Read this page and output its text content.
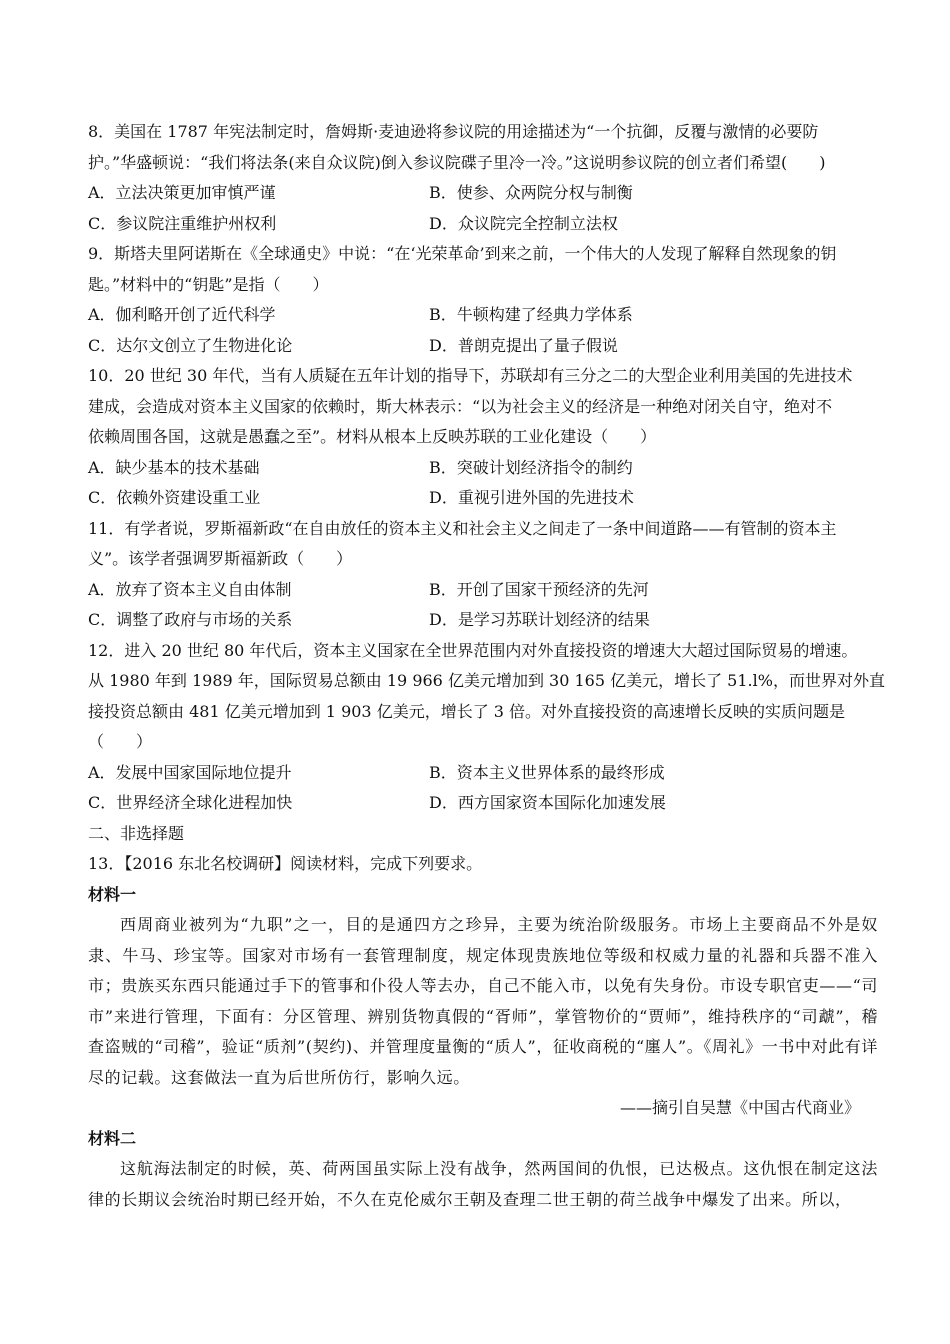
8．美国在 1787 年宪法制定时，詹姆斯·麦迪逊将参议院的用途描述为“一个抗御，反覆与激情的必要防
护。”华盛顿说：“我们将法条(来自众议院)倒入参议院碟子里冷一冷。”这说明参议院的创立者们希望(　　)
A．立法决策更加审慎严谨	B．使参、众两院分权与制衡
C．参议院注重维护州权利	D．众议院完全控制立法权
9．斯塔夫里阿诺斯在《全球通史》中说：“在‘光荣革命’到来之前，一个伟大的人发现了解释自然现象的钥
匙。”材料中的“钥匙”是指（　　）
A．伽利略开创了近代科学	B．牛顿构建了经典力学体系
C．达尔文创立了生物进化论	D．普朗克提出了量子假说
10．20 世纪 30 年代，当有人质疑在五年计划的指导下，苏联却有三分之二的大型企业利用美国的先进技术
建成，会造成对资本主义国家的依赖时，斯大林表示：“以为社会主义的经济是一种绝对闭关自守，绝对不
依赖周围各国，这就是愚蠢之至”。材料从根本上反映苏联的工业化建设（　　）
A．缺少基本的技术基础	B．突破计划经济指令的制约
C．依赖外资建设重工业	D．重视引进外国的先进技术
11．有学者说，罗斯福新政“在自由放任的资本主义和社会主义之间走了一条中间道路——有管制的资本主
义”。该学者强调罗斯福新政（　　）
A．放弃了资本主义自由体制	B．开创了国家干预经济的先河
C．调整了政府与市场的关系	D．是学习苏联计划经济的结果
12．进入 20 世纪 80 年代后，资本主义国家在全世界范围内对外直接投资的增速大大超过国际贸易的增速。
从 1980 年到 1989 年，国际贸易总额由 19 966 亿美元增加到 30 165 亿美元，增长了 51.l%，而世界对外直
接投资总额由 481 亿美元增加到 1 903 亿美元，增长了 3 倍。对外直接投资的高速增长反映的实质问题是
（　　）
A．发展中国家国际地位提升	B．资本主义世界体系的最终形成
C．世界经济全球化进程加快	D．西方国家资本国际化加速发展
二、非选择题
13．【2016 东北名校调研】阅读材料，完成下列要求。
材料一
西周商业被列为“九职”之一，目的是通四方之珍异，主要为统治阶级服务。市场上主要商品不外是奴隶、牛马、珍宝等。国家对市场有一套管理制度，规定体现贵族地位等级和权威力量的礼器和兵器不准入市；贵族买东西只能通过手下的管事和仆役人等去办，自己不能入市，以免有失身份。市设专职官吏——“司市”来进行管理，下面有：分区管理、辨别货物真假的“胥师”，掌管物价的“贾师”，维持秩序的“司虣”，稽查盗贼的“司稽”，验证“质剂”(契约)、并管理度量衡的“质人”，征收商税的“廛人”。《周礼》一书中对此有详尽的记载。这套做法一直为后世所仿行，影响久远。
——摘引自吴慧《中国古代商业》
材料二
这航海法制定的时候，英、荷两国虽实际上没有战争，然两国间的仇恨，已达极点。这仇恨在制定这法律的长期议会统治时期已经开始，不久在克伦威尔王朝及查理二世王朝的荷兰战争中爆发了出来。所以，
